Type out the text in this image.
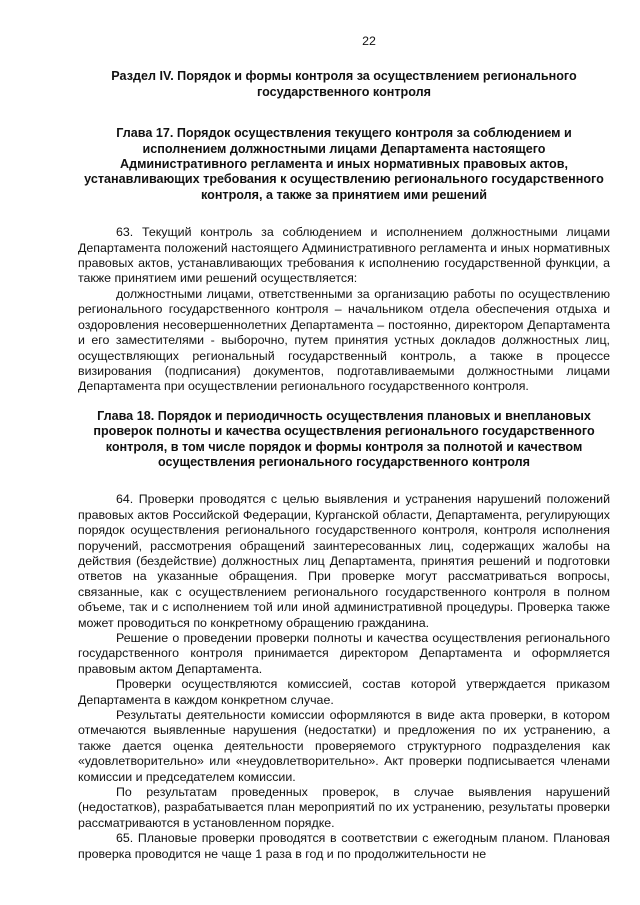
22
Раздел IV. Порядок и формы контроля за осуществлением регионального государственного контроля
Глава 17. Порядок осуществления текущего контроля за соблюдением и исполнением должностными лицами Департамента настоящего Административного регламента и иных нормативных правовых актов, устанавливающих требования к осуществлению регионального государственного контроля, а также за принятием ими решений

63. Текущий контроль за соблюдением и исполнением должностными лицами Департамента положений настоящего Административного регламента и иных нормативных правовых актов, устанавливающих требования к исполнению государственной функции, а также принятием ими решений осуществляется:

должностными лицами, ответственными за организацию работы по осуществлению регионального государственного контроля – начальником отдела обеспечения отдыха и оздоровления несовершеннолетних Департамента – постоянно, директором Департамента и его заместителями - выборочно, путем принятия устных докладов должностных лиц, осуществляющих региональный государственный контроль, а также в процессе визирования (подписания) документов, подготавливаемыми должностными лицами Департамента при осуществлении регионального государственного контроля.

Глава 18. Порядок и периодичность осуществления плановых и внеплановых проверок полноты и качества осуществления регионального государственного контроля, в том числе порядок и формы контроля за полнотой и качеством осуществления регионального государственного контроля

64. Проверки проводятся с целью выявления и устранения нарушений положений правовых актов Российской Федерации, Курганской области, Департамента, регулирующих порядок осуществления регионального государственного контроля, контроля исполнения поручений, рассмотрения обращений заинтересованных лиц, содержащих жалобы на действия (бездействие) должностных лиц Департамента, принятия решений и подготовки ответов на указанные обращения. При проверке могут рассматриваться вопросы, связанные, как с осуществлением регионального государственного контроля в полном объеме, так и с исполнением той или иной административной процедуры. Проверка также может проводиться по конкретному обращению гражданина.

Решение о проведении проверки полноты и качества осуществления регионального государственного контроля принимается директором Департамента и оформляется правовым актом Департамента.

Проверки осуществляются комиссией, состав которой утверждается приказом Департамента в каждом конкретном случае.

Результаты деятельности комиссии оформляются в виде акта проверки, в котором отмечаются выявленные нарушения (недостатки) и предложения по их устранению, а также дается оценка деятельности проверяемого структурного подразделения как «удовлетворительно» или «неудовлетворительно». Акт проверки подписывается членами комиссии и председателем комиссии.

По результатам проведенных проверок, в случае выявления нарушений (недостатков), разрабатывается план мероприятий по их устранению, результаты проверки рассматриваются в установленном порядке.

65. Плановые проверки проводятся в соответствии с ежегодным планом. Плановая проверка проводится не чаще 1 раза в год и по продолжительности не
